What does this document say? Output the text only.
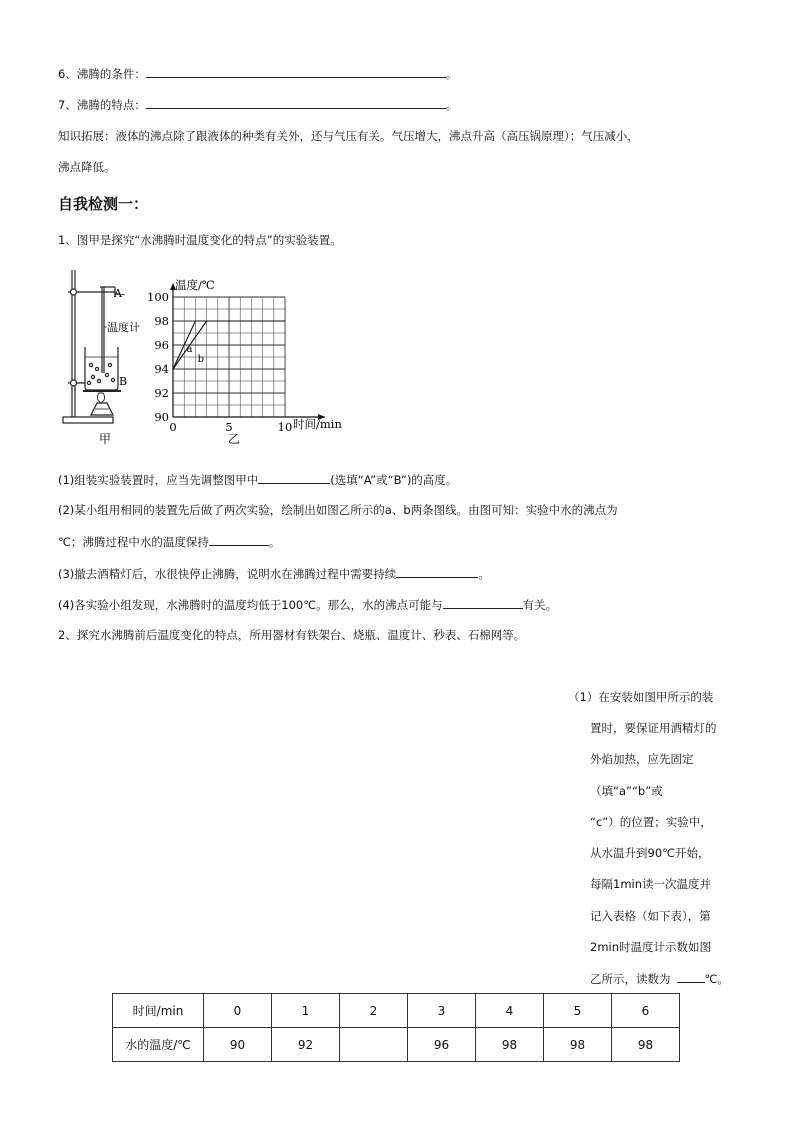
6、沸腾的条件：	。
7、沸腾的特点：	。
知识拓展：液体的沸点除了跟液体的种类有关外，还与气压有关。气压增大，沸点升高（高压锅原理）；气压减小，
沸点降低。
自我检测一：
1、图甲是探究“水沸腾时温度变化的特点”的实验装置。
A
B
温度计
甲
90
92
94
96
98
100
0	5	10
温度/℃
时间/min
乙
a
b
(1)组装实验装置时，应当先调整图甲中	(选填“A”或“B”)的高度。
(2)某小组用相同的装置先后做了两次实验，绘制出如图乙所示的a、b两条图线。由图可知：实验中水的沸点为
℃；沸腾过程中水的温度保持	。
(3)撤去酒精灯后，水很快停止沸腾，说明水在沸腾过程中需要持续	。
(4)各实验小组发现，水沸腾时的温度均低于100℃。那么，水的沸点可能与	有关。
2、探究水沸腾前后温度变化的特点，所用器材有铁架台、烧瓶、温度计、秒表、石棉网等。
（1）在安装如图甲所示的装
置时，要保证用酒精灯的
外焰加热，应先固定
（填“a”“b”或
“c”）的位置；实验中，
从水温升到90℃开始，
每隔1min读一次温度并
记入表格（如下表），第
2min时温度计示数如图
乙所示，读数为	℃。
时间/min	0	1	2	3	4	5	6
水的温度/℃	90	92		96	98	98	98
